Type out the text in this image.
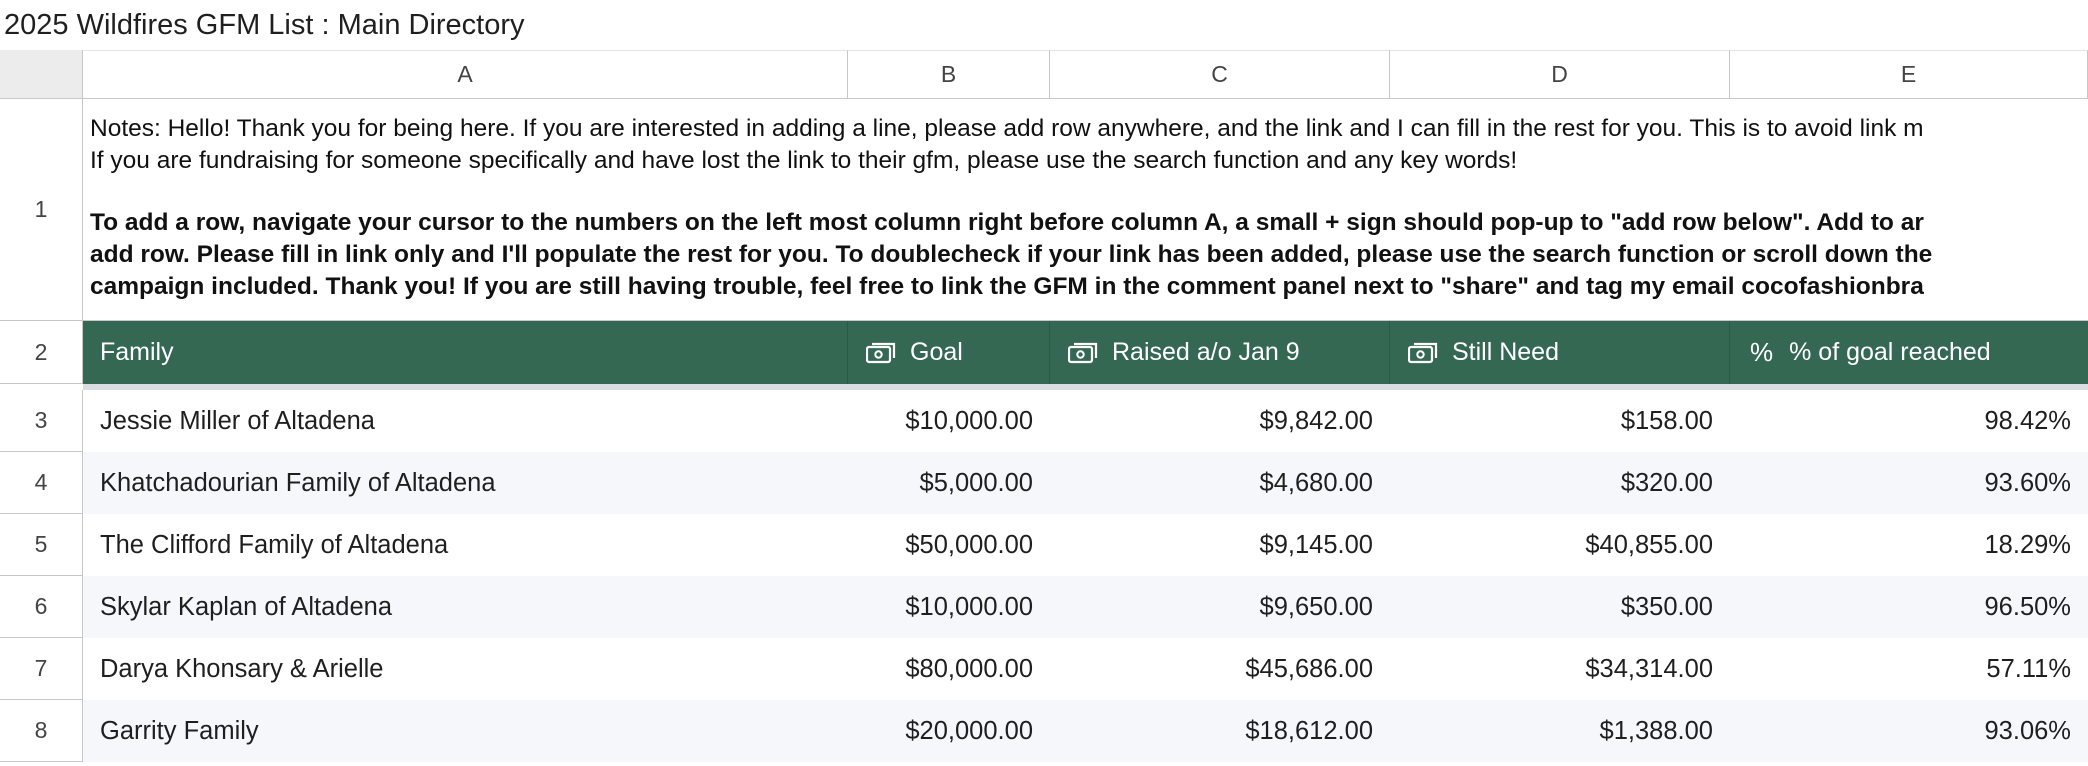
2025 Wildfires GFM List : Main Directory
A	B	C	D	E
1
2
3
4
5
6
7
8
Notes: Hello! Thank you for being here. If you are interested in adding a line, please add row anywhere, and the link and I can fill in the rest for you. This is to avoid link m
If you are fundraising for someone specifically and have lost the link to their gfm, please use the search function and any key words!
To add a row, navigate your cursor to the numbers on the left most column right before column A, a small + sign should pop-up to "add row below". Add to ar
add row. Please fill in link only and I'll populate the rest for you. To doublecheck if your link has been added, please use the search function or scroll down the
campaign included. Thank you! If you are still having trouble, feel free to link the GFM in the comment panel next to "share" and tag my email cocofashionbra
Family	Goal	Raised a/o Jan 9	Still Need	% % of goal reached
Jessie Miller of Altadena	$10,000.00	$9,842.00	$158.00	98.42%
Khatchadourian Family of Altadena	$5,000.00	$4,680.00	$320.00	93.60%
The Clifford Family of Altadena	$50,000.00	$9,145.00	$40,855.00	18.29%
Skylar Kaplan of Altadena	$10,000.00	$9,650.00	$350.00	96.50%
Darya Khonsary & Arielle	$80,000.00	$45,686.00	$34,314.00	57.11%
Garrity Family	$20,000.00	$18,612.00	$1,388.00	93.06%
